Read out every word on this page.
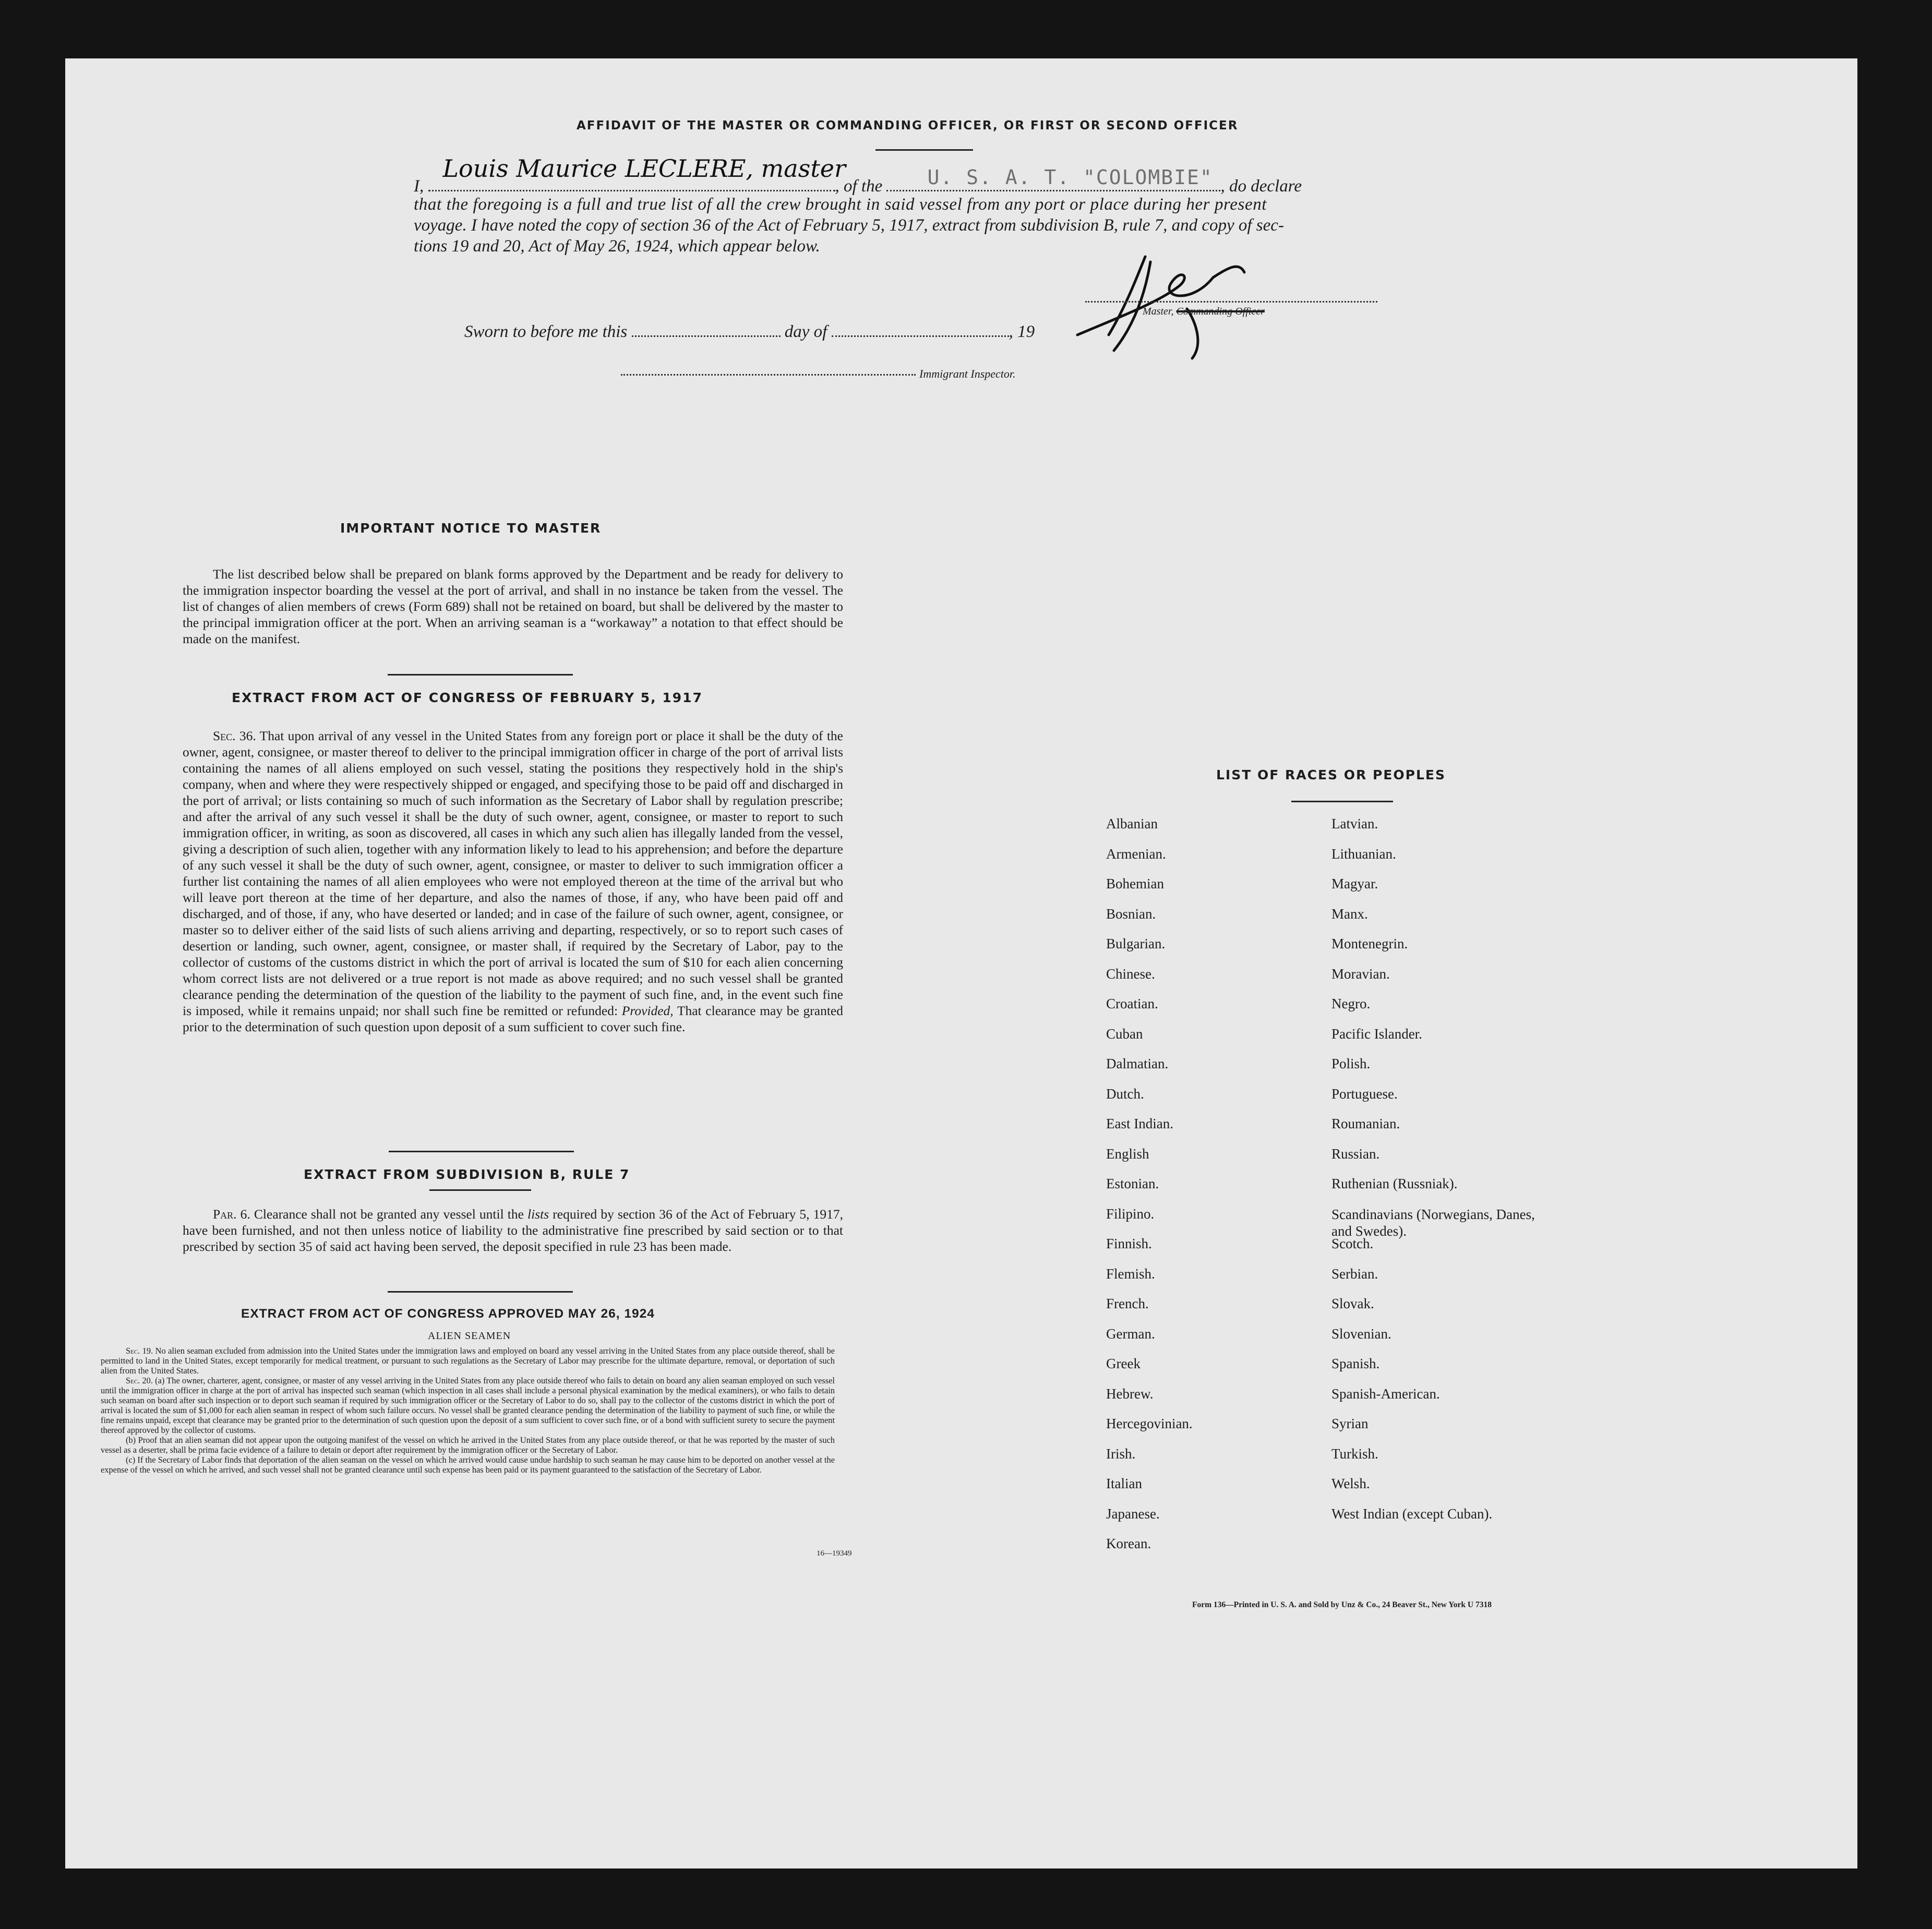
AFFIDAVIT OF THE MASTER OR COMMANDING OFFICER, OR FIRST OR SECOND OFFICER
I,
Louis Maurice LECLERE, master
, of the U. S. A. T. "COLOMBIE" , do declare
that the foregoing is a full and true list of all the crew brought in said vessel from any port or place during her present
voyage. I have noted the copy of section 36 of the Act of February 5, 1917, extract from subdivision B, rule 7, and copy of sec-
tions 19 and 20, Act of May 26, 1924, which appear below.
Master, Commanding Officer
Sworn to before me this	day of	, 19
Immigrant Inspector.
IMPORTANT NOTICE TO MASTER

The list described below shall be prepared on blank forms approved by the Department and be ready for delivery to the immigration inspector boarding the vessel at the port of arrival, and shall in no instance be taken from the vessel. The list of changes of alien members of crews (Form 689) shall not be retained on board, but shall be delivered by the master to the principal immigration officer at the port. When an arriving seaman is a “workaway” a notation to that effect should be made on the manifest.

EXTRACT FROM ACT OF CONGRESS OF FEBRUARY 5, 1917

Sec. 36. That upon arrival of any vessel in the United States from any foreign port or place it shall be the duty of the owner, agent, consignee, or master thereof to deliver to the principal immigration officer in charge of the port of arrival lists containing the names of all aliens employed on such vessel, stating the positions they respectively hold in the ship's company, when and where they were respectively shipped or engaged, and specifying those to be paid off and discharged in the port of arrival; or lists containing so much of such information as the Secretary of Labor shall by regulation prescribe; and after the arrival of any such vessel it shall be the duty of such owner, agent, consignee, or master to report to such immigration officer, in writing, as soon as discovered, all cases in which any such alien has illegally landed from the vessel, giving a description of such alien, together with any information likely to lead to his apprehension; and before the departure of any such vessel it shall be the duty of such owner, agent, consignee, or master to deliver to such immigration officer a further list containing the names of all alien employees who were not employed thereon at the time of the arrival but who will leave port thereon at the time of her departure, and also the names of those, if any, who have been paid off and discharged, and of those, if any, who have deserted or landed; and in case of the failure of such owner, agent, consignee, or master so to deliver either of the said lists of such aliens arriving and departing, respectively, or so to report such cases of desertion or landing, such owner, agent, consignee, or master shall, if required by the Secretary of Labor, pay to the collector of customs of the customs district in which the port of arrival is located the sum of $10 for each alien concerning whom correct lists are not delivered or a true report is not made as above required; and no such vessel shall be granted clearance pending the determination of the question of the liability to the payment of such fine, and, in the event such fine is imposed, while it remains unpaid; nor shall such fine be remitted or refunded: Provided, That clearance may be granted prior to the determination of such question upon deposit of a sum sufficient to cover such fine.

EXTRACT FROM SUBDIVISION B, RULE 7

Par. 6. Clearance shall not be granted any vessel until the lists required by section 36 of the Act of February 5, 1917, have been furnished, and not then unless notice of liability to the administrative fine prescribed by said section or to that prescribed by section 35 of said act having been served, the deposit specified in rule 23 has been made.

EXTRACT FROM ACT OF CONGRESS APPROVED MAY 26, 1924
ALIEN SEAMEN

Sec. 19. No alien seaman excluded from admission into the United States under the immigration laws and employed on board any vessel arriving in the United States from any place outside thereof, shall be permitted to land in the United States, except temporarily for medical treatment, or pursuant to such regulations as the Secretary of Labor may prescribe for the ultimate departure, removal, or deportation of such alien from the United States.

Sec. 20. (a) The owner, charterer, agent, consignee, or master of any vessel arriving in the United States from any place outside thereof who fails to detain on board any alien seaman employed on such vessel until the immigration officer in charge at the port of arrival has inspected such seaman (which inspection in all cases shall include a personal physical examination by the medical examiners), or who fails to detain such seaman on board after such inspection or to deport such seaman if required by such immigration officer or the Secretary of Labor to do so, shall pay to the collector of the customs district in which the port of arrival is located the sum of $1,000 for each alien seaman in respect of whom such failure occurs. No vessel shall be granted clearance pending the determination of the liability to payment of such fine, or while the fine remains unpaid, except that clearance may be granted prior to the determination of such question upon the deposit of a sum sufficient to cover such fine, or of a bond with sufficient surety to secure the payment thereof approved by the collector of customs.

(b) Proof that an alien seaman did not appear upon the outgoing manifest of the vessel on which he arrived in the United States from any place outside thereof, or that he was reported by the master of such vessel as a deserter, shall be prima facie evidence of a failure to detain or deport after requirement by the immigration officer or the Secretary of Labor.

(c) If the Secretary of Labor finds that deportation of the alien seaman on the vessel on which he arrived would cause undue hardship to such seaman he may cause him to be deported on another vessel at the expense of the vessel on which he arrived, and such vessel shall not be granted clearance until such expense has been paid or its payment guaranteed to the satisfaction of the Secretary of Labor.

16—19349
LIST OF RACES OR PEOPLES
Albanian
Armenian.
Bohemian
Bosnian.
Bulgarian.
Chinese.
Croatian.
Cuban
Dalmatian.
Dutch.
East Indian.
English
Estonian.
Filipino.
Finnish.
Flemish.
French.
German.
Greek
Hebrew.
Hercegovinian.
Irish.
Italian
Japanese.
Korean.
Latvian.
Lithuanian.
Magyar.
Manx.
Montenegrin.
Moravian.
Negro.
Pacific Islander.
Polish.
Portuguese.
Roumanian.
Russian.
Ruthenian (Russniak).
Scandinavians (Norwegians, Danes, and Swedes).
Scotch.
Serbian.
Slovak.
Slovenian.
Spanish.
Spanish-American.
Syrian
Turkish.
Welsh.
West Indian (except Cuban).
Form 136—Printed in U. S. A. and Sold by Unz & Co., 24 Beaver St., New York U 7318
